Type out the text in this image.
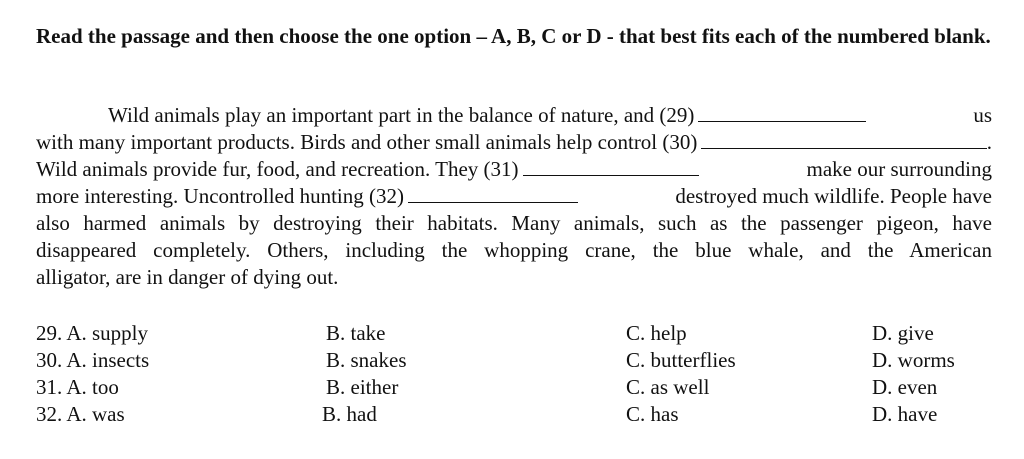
Read the passage and then choose the one option – A, B, C or D - that best fits each of the numbered blank.
Wild animals play an important part in the balance of nature, and (29)	us
with many important products. Birds and other small animals help control (30)	.
Wild animals provide fur, food, and recreation. They (31)	make our surrounding
more interesting. Uncontrolled hunting (32)	destroyed much wildlife. People have
also harmed animals by destroying their habitats. Many animals, such as the passenger pigeon, have
disappeared completely. Others, including the whopping crane, the blue whale, and the American
alligator, are in danger of dying out.
29. A. supply	B. take	C. help	D. give
30. A. insects	B. snakes	C. butterflies	D. worms
31. A. too	B. either	C. as well	D. even
32. A. was	B. had	C. has	D. have
